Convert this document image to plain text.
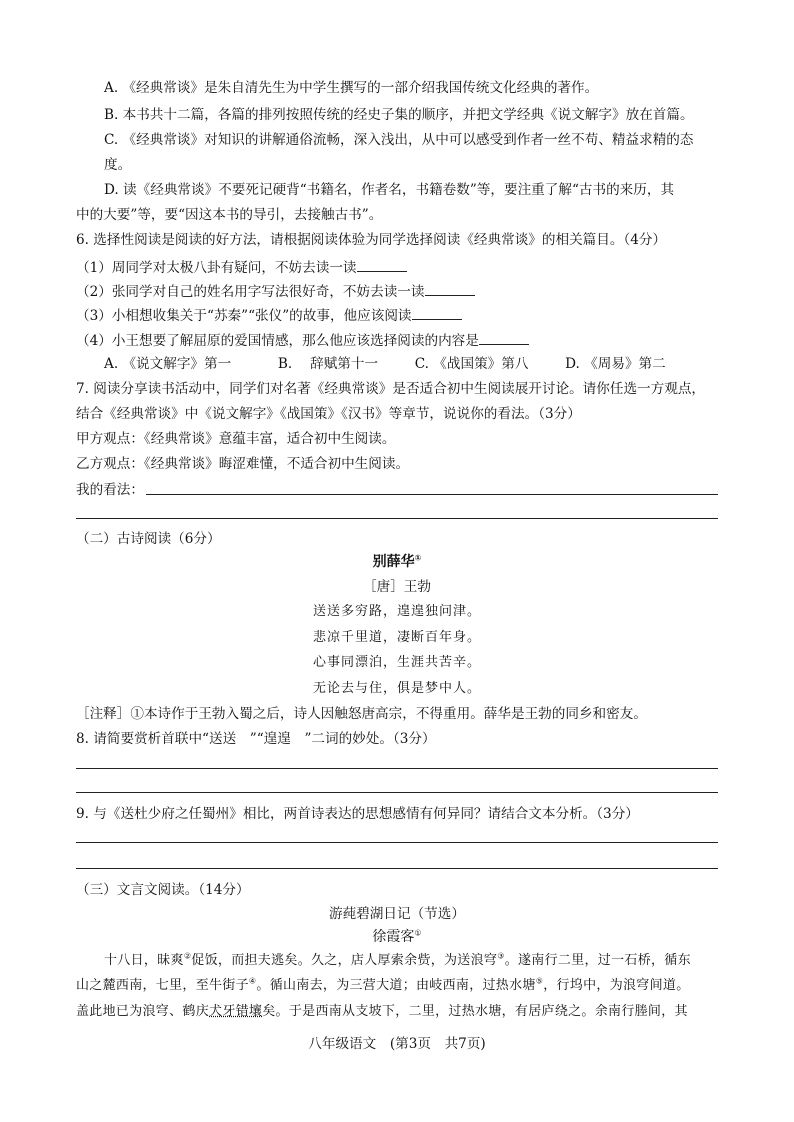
A. 《经典常谈》是朱自清先生为中学生撰写的一部介绍我国传统文化经典的著作。
B. 本书共十二篇，各篇的排列按照传统的经史子集的顺序，并把文学经典《说文解字》放在首篇。
C. 《经典常谈》对知识的讲解通俗流畅，深入浅出，从中可以感受到作者一丝不苟、精益求精的态
度。
D. 读《经典常谈》不要死记硬背“书籍名，作者名，书籍卷数”等，要注重了解“古书的来历，其
中的大要”等，要“因这本书的导引，去接触古书”。
6. 选择性阅读是阅读的好方法，请根据阅读体验为同学选择阅读《经典常谈》的相关篇目。（4分）
（1）周同学对太极八卦有疑问，不妨去读一读
（2）张同学对自己的姓名用字写法很好奇，不妨去读一读
（3）小相想收集关于“苏秦”“张仪”的故事，他应该阅读
（4）小王想要了解屈原的爱国情感，那么他应该选择阅读的内容是
A. 《说文解字》第一	B.　 辞赋第十一	C. 《战国策》第八	D. 《周易》第二
7. 阅读分享读书活动中，同学们对名著《经典常谈》是否适合初中生阅读展开讨论。请你任选一方观点，
结合《经典常谈》中《说文解字》《战国策》《汉书》等章节，说说你的看法。（3分）
甲方观点：《经典常谈》意蕴丰富，适合初中生阅读。
乙方观点：《经典常谈》晦涩难懂，不适合初中生阅读。
我的看法：
（二）古诗阅读（6分）
别薛华①
［唐］王勃
送送多穷路，遑遑独问津。
悲凉千里道，凄断百年身。
心事同漂泊，生涯共苦辛。
无论去与住，俱是梦中人。
［注释］①本诗作于王勃入蜀之后，诗人因触怒唐高宗，不得重用。薛华是王勃的同乡和密友。
8. 请简要赏析首联中“送送　”“遑遑　”二词的妙处。（3分）
9. 与《送杜少府之任蜀州》相比，两首诗表达的思想感情有何异同？请结合文本分析。（3分）
（三）文言文阅读。（14分）
游莼碧湖日记（节选）
徐霞客①
十八日，昧爽②促饭，而担夫逃矣。久之，店人厚索余赀，为送浪穹③。遂南行二里，过一石桥，循东
山之麓西南，七里，至牛街子④。循山南去，为三营大道；由岐西南，过热水塘⑤，行坞中，为浪穹间道。
盖此地已为浪穹、鹤庆犬牙错壤矣。于是西南从支坡下，二里，过热水塘，有居庐绕之。余南行塍间，其
八年级语文　(第3页　共7页)
